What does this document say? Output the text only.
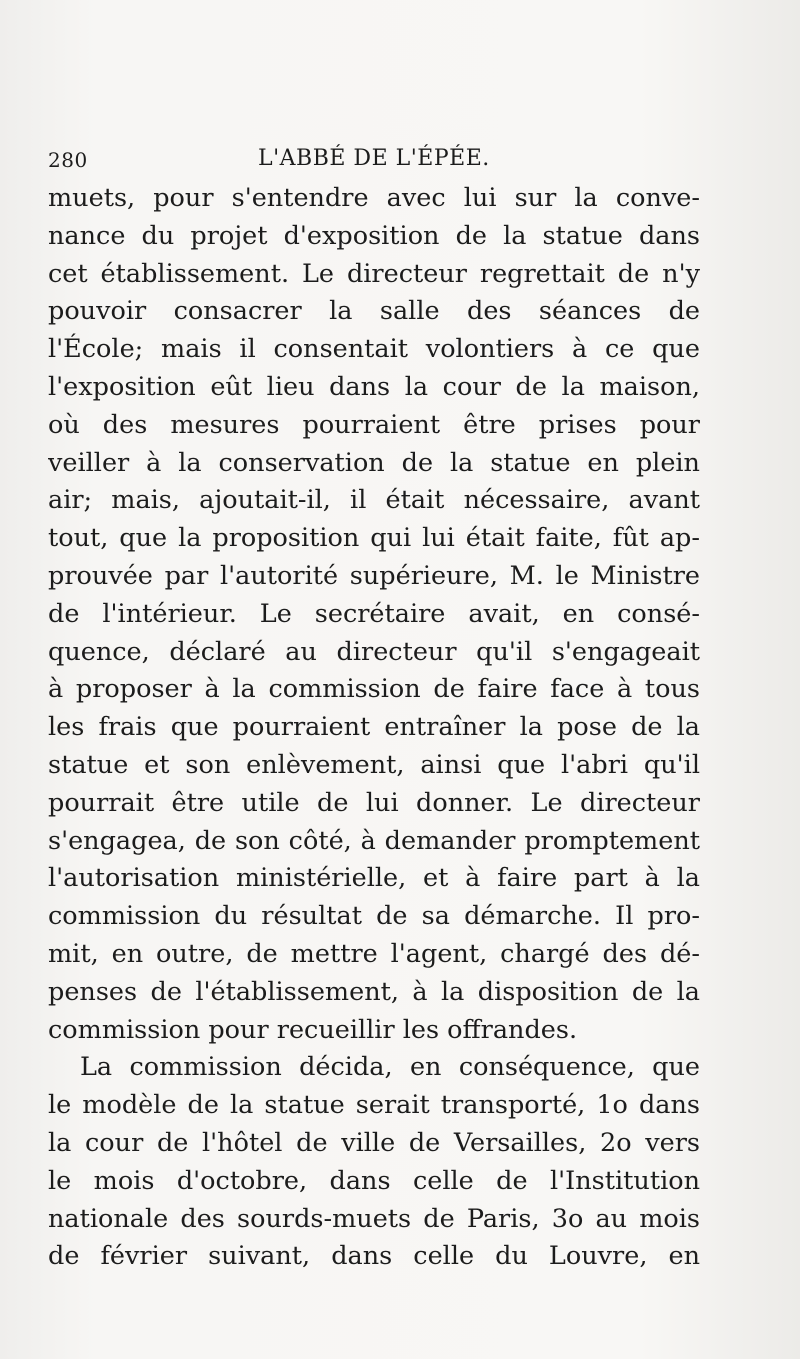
280	L'ABBÉ DE L'ÉPÉE.
muets, pour s'entendre avec lui sur la conve-
nance du projet d'exposition de la statue dans
cet établissement. Le directeur regrettait de n'y
pouvoir consacrer la salle des séances de
l'École; mais il consentait volontiers à ce que
l'exposition eût lieu dans la cour de la maison,
où des mesures pourraient être prises pour
veiller à la conservation de la statue en plein
air; mais, ajoutait-il, il était nécessaire, avant
tout, que la proposition qui lui était faite, fût ap-
prouvée par l'autorité supérieure, M. le Ministre
de l'intérieur. Le secrétaire avait, en consé-
quence, déclaré au directeur qu'il s'engageait
à proposer à la commission de faire face à tous
les frais que pourraient entraîner la pose de la
statue et son enlèvement, ainsi que l'abri qu'il
pourrait être utile de lui donner. Le directeur
s'engagea, de son côté, à demander promptement
l'autorisation ministérielle, et à faire part à la
commission du résultat de sa démarche. Il pro-
mit, en outre, de mettre l'agent, chargé des dé-
penses de l'établissement, à la disposition de la
commission pour recueillir les offrandes.
La commission décida, en conséquence, que
le modèle de la statue serait transporté, 1o dans
la cour de l'hôtel de ville de Versailles, 2o vers
le mois d'octobre, dans celle de l'Institution
nationale des sourds-muets de Paris, 3o au mois
de février suivant, dans celle du Louvre, en
